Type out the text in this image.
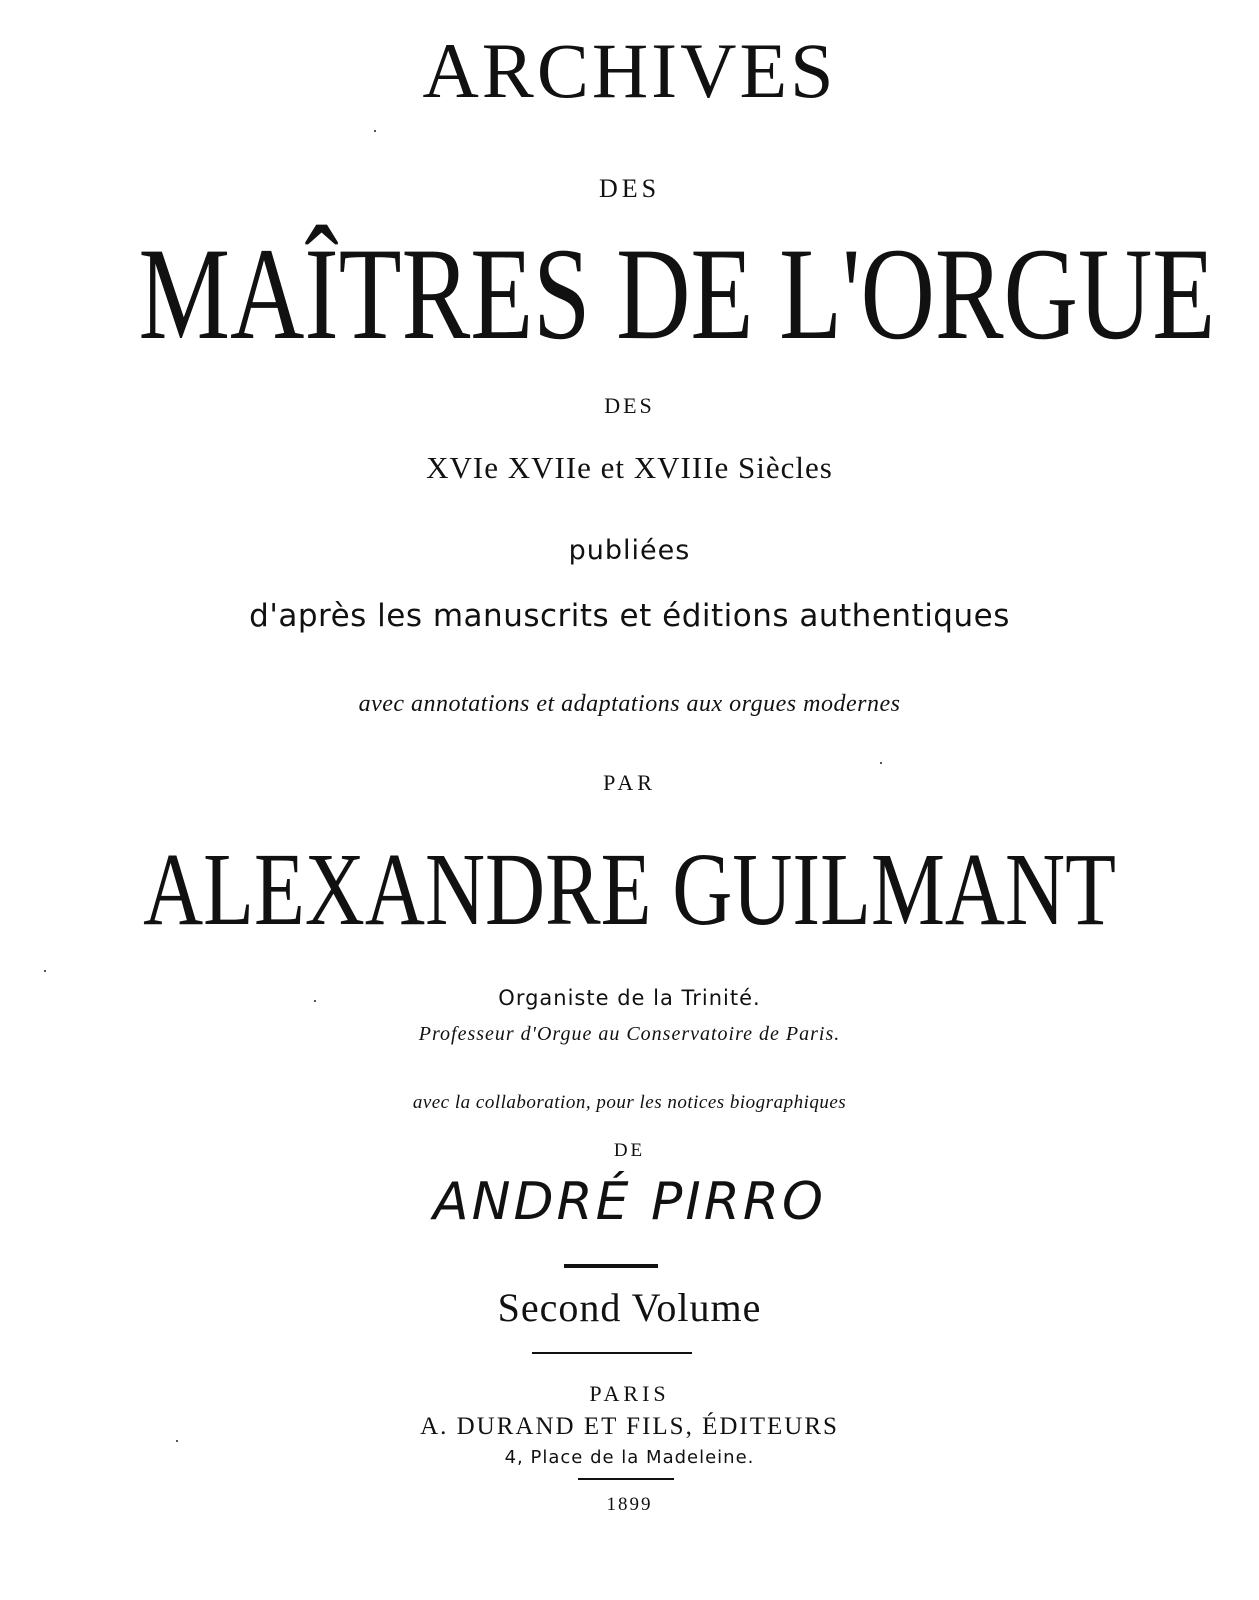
ARCHIVES
DES
MAÎTRES DE L'ORGUE
DES
XVIe XVIIe et XVIIIe Siècles
publiées
d'après les manuscrits et éditions authentiques
avec annotations et adaptations aux orgues modernes
PAR
ALEXANDRE GUILMANT
Organiste de la Trinité.
Professeur d'Orgue au Conservatoire de Paris.
avec la collaboration, pour les notices biographiques
DE
ANDRÉ PIRRO
Second Volume
PARIS
A. DURAND ET FILS, ÉDITEURS
4, Place de la Madeleine.
1899
